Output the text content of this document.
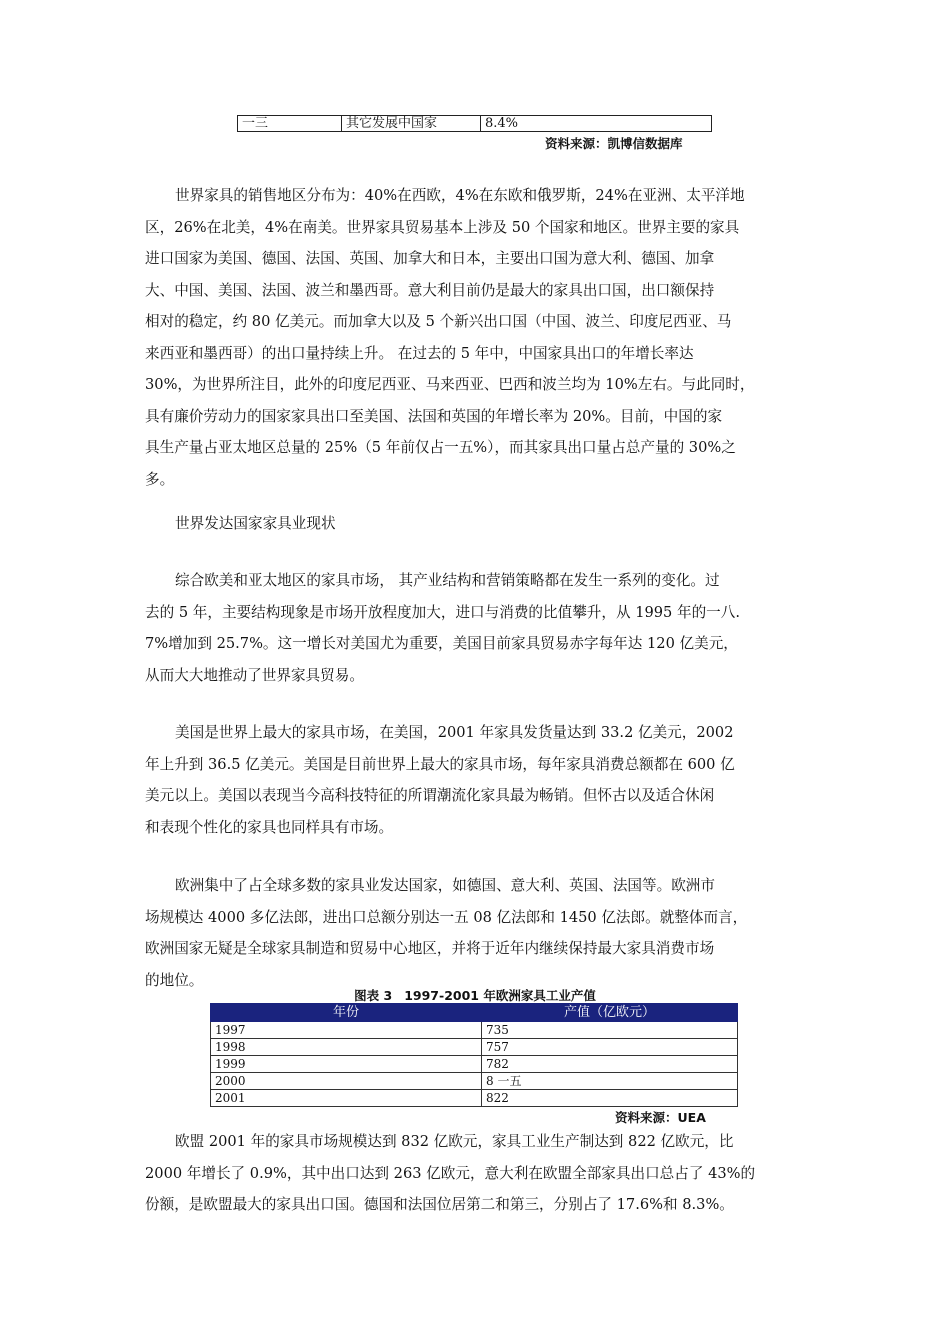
一三	其它发展中国家	8.4%
资料来源：凯博信数据库
世界家具的销售地区分布为：40%在西欧，4%在东欧和俄罗斯，24%在亚洲、太平洋地
区，26%在北美，4%在南美。世界家具贸易基本上涉及 50 个国家和地区。世界主要的家具
进口国家为美国、德国、法国、英国、加拿大和日本，主要出口国为意大利、德国、加拿
大、中国、美国、法国、波兰和墨西哥。意大利目前仍是最大的家具出口国，出口额保持
相对的稳定，约 80 亿美元。而加拿大以及 5 个新兴出口国（中国、波兰、印度尼西亚、马
来西亚和墨西哥）的出口量持续上升。 在过去的 5 年中，中国家具出口的年增长率达
30%，为世界所注目，此外的印度尼西亚、马来西亚、巴西和波兰均为 10%左右。与此同时，
具有廉价劳动力的国家家具出口至美国、法国和英国的年增长率为 20%。目前，中国的家
具生产量占亚太地区总量的 25%（5 年前仅占一五%），而其家具出口量占总产量的 30%之
多。

世界发达国家家具业现状

综合欧美和亚太地区的家具市场， 其产业结构和营销策略都在发生一系列的变化。过
去的 5 年，主要结构现象是市场开放程度加大，进口与消费的比值攀升，从 1995 年的一八.
7%增加到 25.7%。这一增长对美国尤为重要，美国目前家具贸易赤字每年达 120 亿美元，
从而大大地推动了世界家具贸易。
美国是世界上最大的家具市场，在美国，2001 年家具发货量达到 33.2 亿美元，2002
年上升到 36.5 亿美元。美国是目前世界上最大的家具市场，每年家具消费总额都在 600 亿
美元以上。美国以表现当今高科技特征的所谓潮流化家具最为畅销。但怀古以及适合休闲
和表现个性化的家具也同样具有市场。
欧洲集中了占全球多数的家具业发达国家，如德国、意大利、英国、法国等。欧洲市
场规模达 4000 多亿法郎，进出口总额分别达一五 08 亿法郎和 1450 亿法郎。就整体而言，
欧洲国家无疑是全球家具制造和贸易中心地区，并将于近年内继续保持最大家具消费市场
的地位。
图表 3 1997-2001 年欧洲家具工业产值
年份	产值（亿欧元）
1997	735
1998	757
1999	782
2000	8 一五
2001	822
资料来源：UEA
欧盟 2001 年的家具市场规模达到 832 亿欧元，家具工业生产制达到 822 亿欧元，比
2000 年增长了 0.9%，其中出口达到 263 亿欧元，意大利在欧盟全部家具出口总占了 43%的
份额，是欧盟最大的家具出口国。德国和法国位居第二和第三，分别占了 17.6%和 8.3%。
